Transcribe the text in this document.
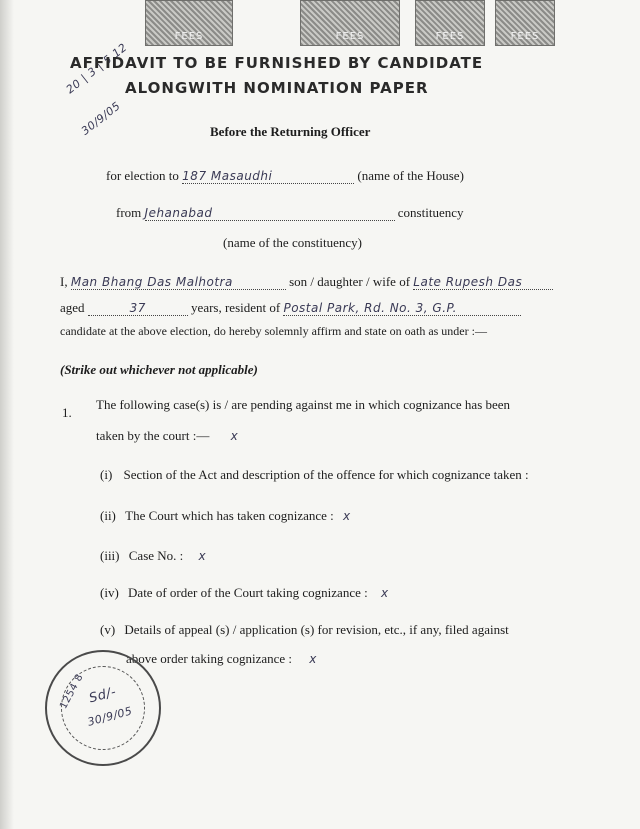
FEES	FEES	FEES	FEES
20 | 3 | 5 12
30/9/05
AFFIDAVIT TO BE FURNISHED BY CANDIDATE
ALONGWITH NOMINATION PAPER
Before the Returning Officer
for election to 187 Masaudhi	(name of the House)
from Jehanabad	constituency
(name of the constituency)
I, Man Bhang Das Malhotra	son / daughter / wife of Late Rupesh Das
aged	37	years, resident of Postal Park, Rd. No. 3, G.P.
candidate at the above election, do hereby solemnly affirm and state on oath as under :—
(Strike out whichever not applicable)
1.
The following case(s) is / are pending against me in which cognizance has been
taken by the court :— x
(i) Section of the Act and description of the offence for which cognizance taken :
(ii) The Court which has taken cognizance : x
(iii) Case No. : x
(iv) Date of order of the Court taking cognizance : x
(v) Details of appeal (s) / application (s) for revision, etc., if any, filed against
above order taking cognizance : x
1254 8 Sd/-
30/9/05
